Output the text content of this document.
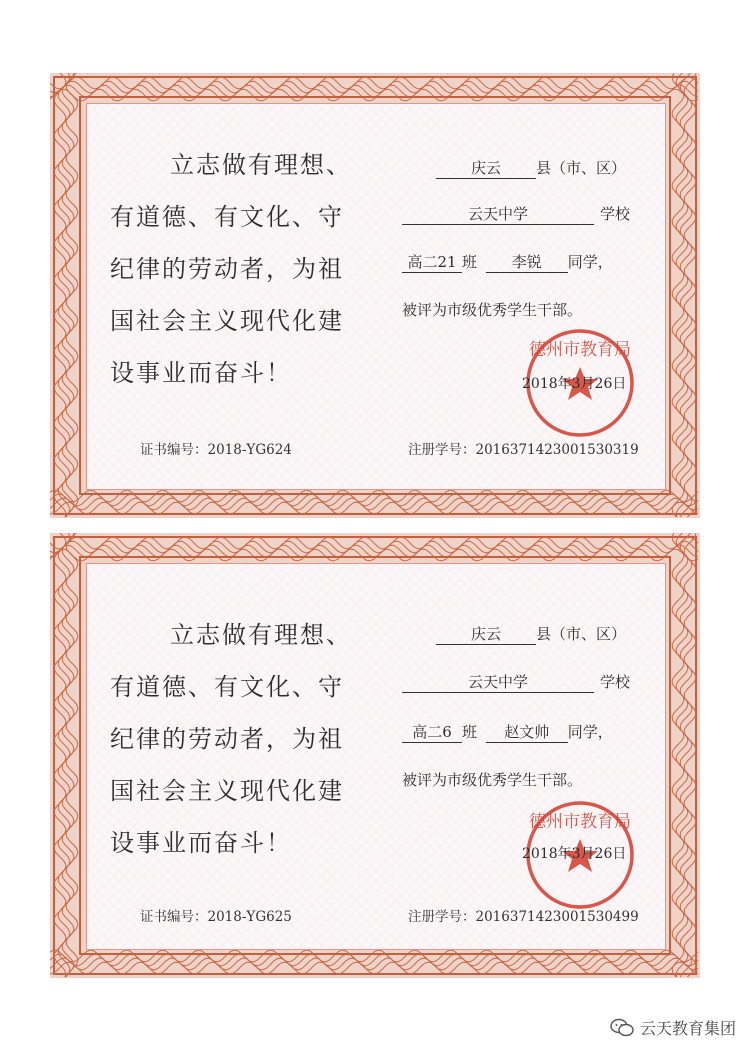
立志做有理想、
有道德、有文化、守
纪律的劳动者，为祖
国社会主义现代化建
设事业而奋斗！
庆云 县（市、区）
云天中学	学校
高二21 班 李锐 同学，
被评为市级优秀学生干部。
德州市教育局
2018年3月26日
证书编号：2018-YG624	注册学号：2016371423001530319
立志做有理想、
有道德、有文化、守
纪律的劳动者，为祖
国社会主义现代化建
设事业而奋斗！
庆云 县（市、区）
云天中学	学校
高二6 班 赵文帅 同学，
被评为市级优秀学生干部。
德州市教育局
2018年3月26日
证书编号：2018-YG625	注册学号：2016371423001530499
云天教育集团
